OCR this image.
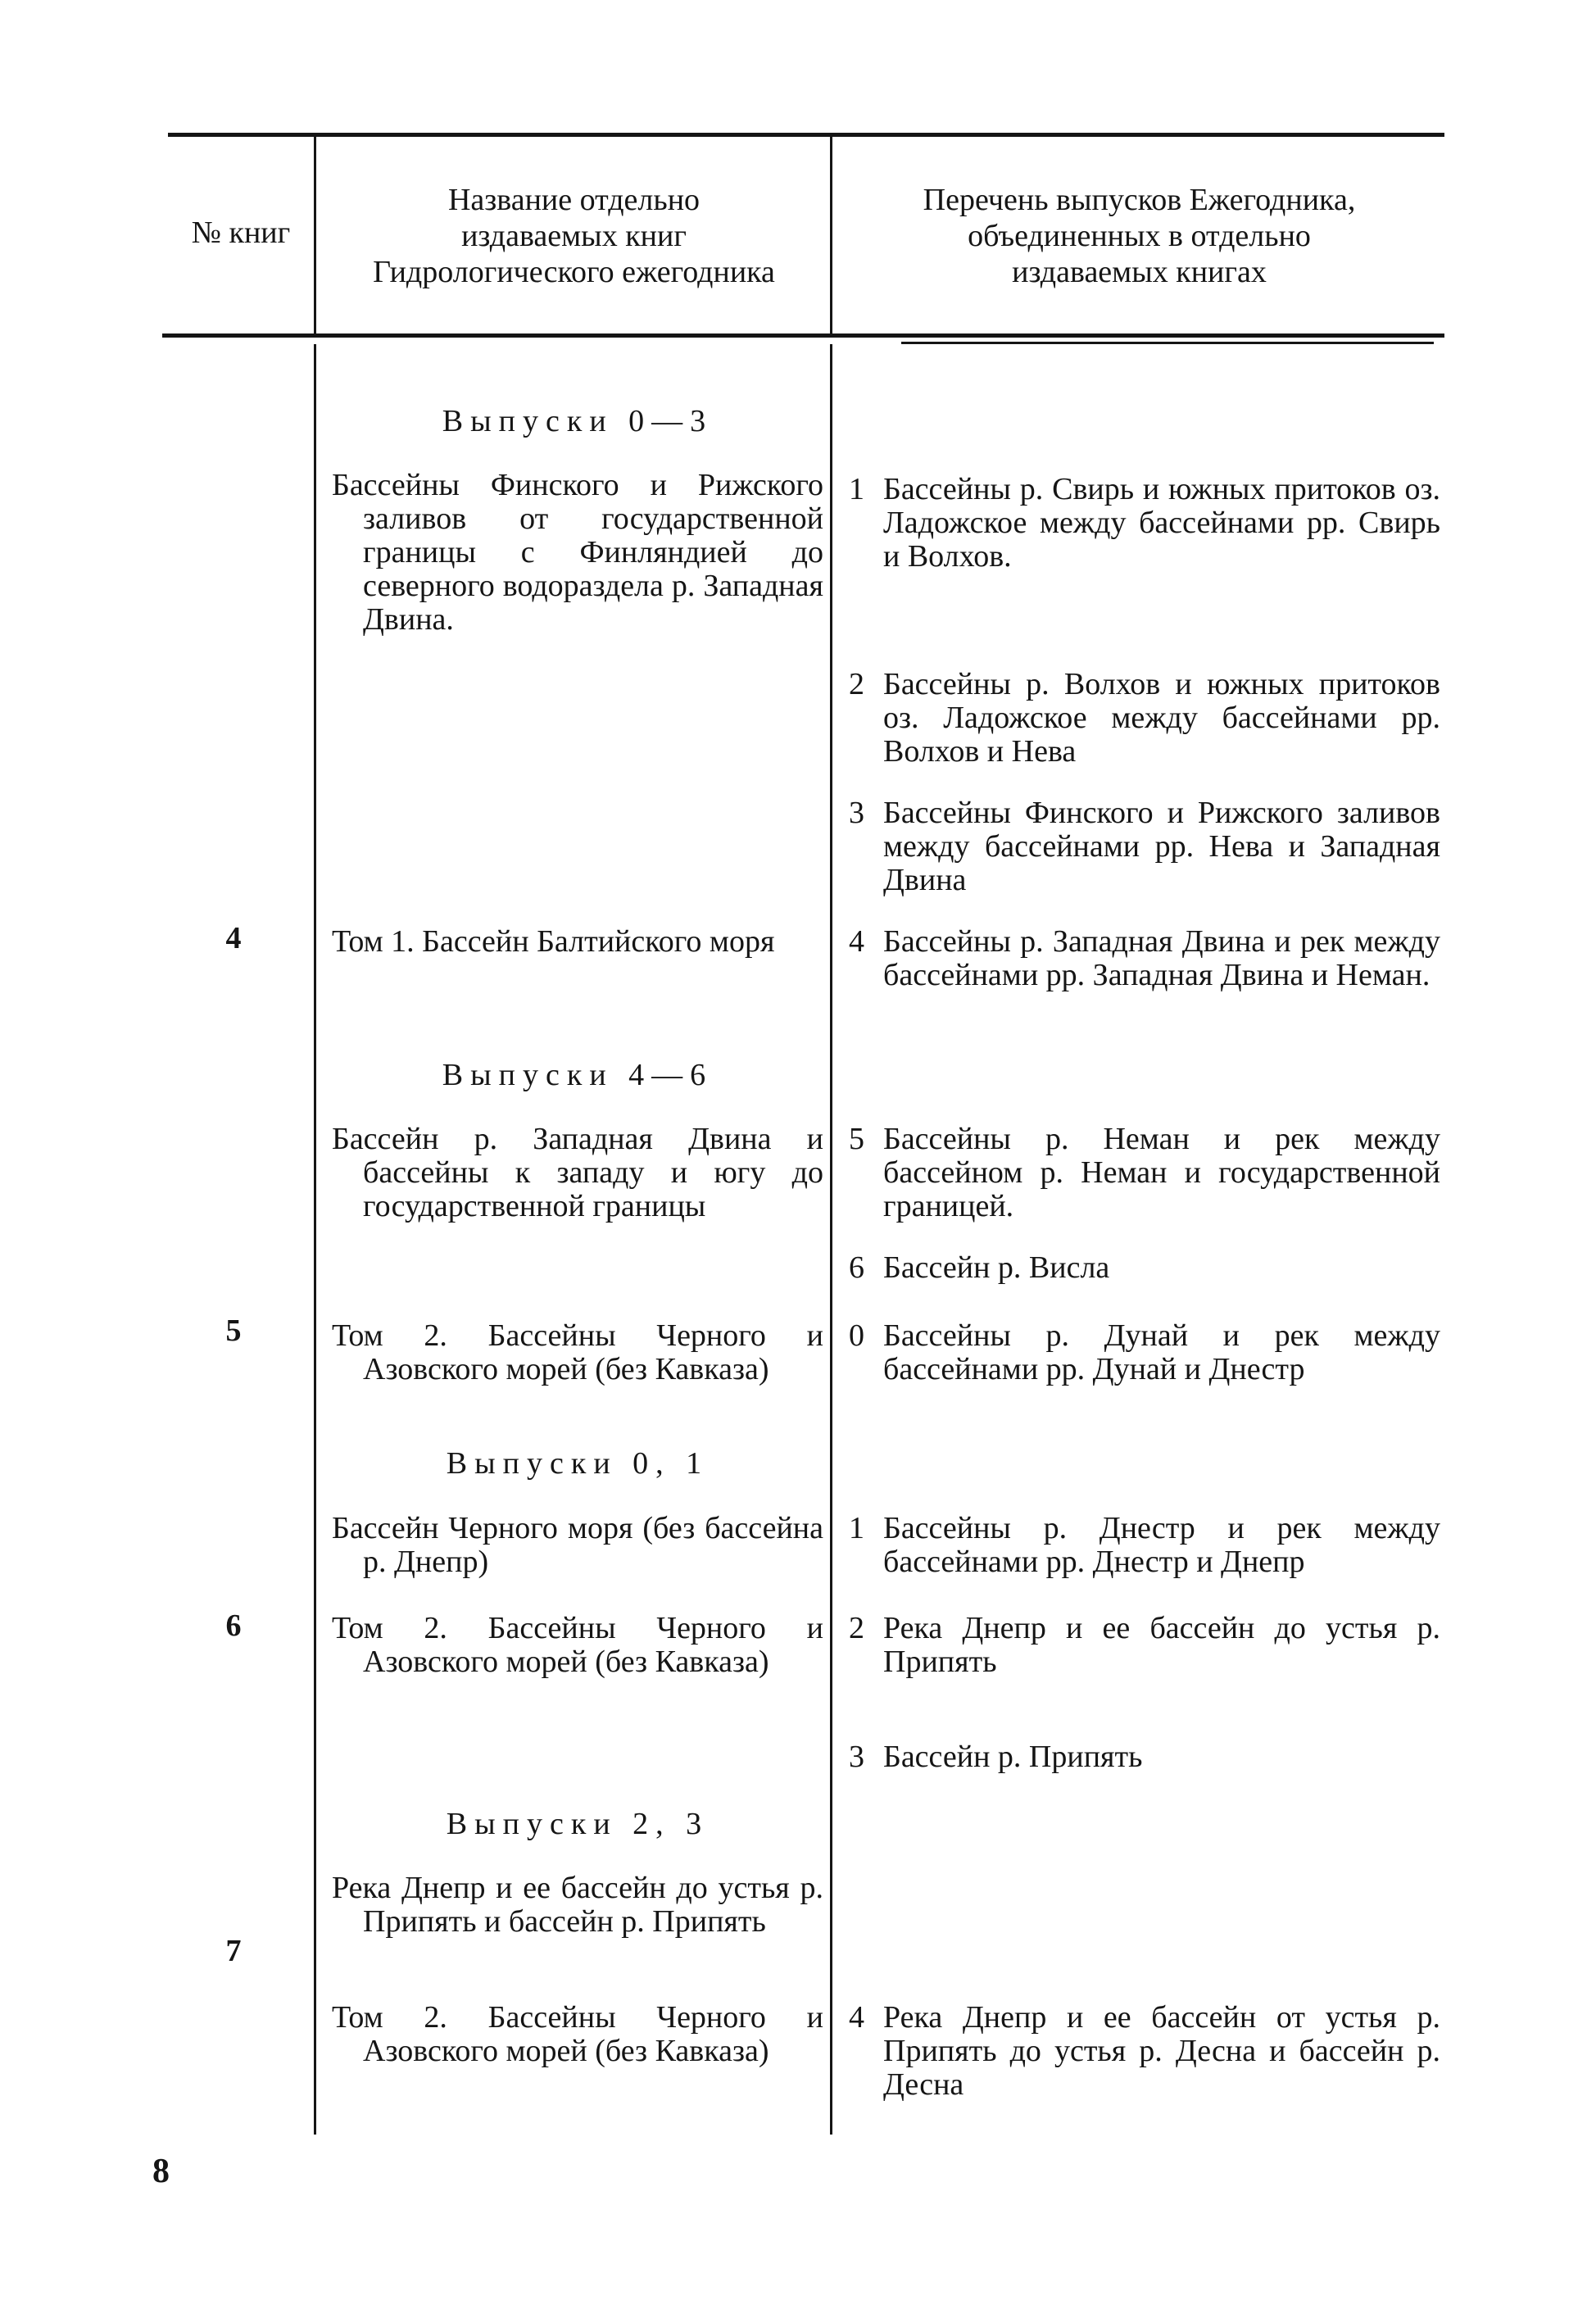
№ книг
Название отдельно
издаваемых книг
Гидрологического ежегодника
Перечень выпусков Ежегодника,
объединенных в отдельно
издаваемых книгах
Выпуски 0—3
Выпуски 4—6
Выпуски 0, 1
Выпуски 2, 3
4
5
6
7
Бассейны Финского и Рижского заливов от государственной границы с Финляндией до северного водораздела р. Западная Двина.
Том 1. Бассейн Балтийского моря
Бассейн р. Западная Двина и бассейны к западу и югу до государственной границы
Том 2. Бассейны Черного и Азовского морей (без Кавказа)
Бассейн Черного моря (без бассейна р. Днепр)
Том 2. Бассейны Черного и Азовского морей (без Кавказа)
Река Днепр и ее бассейн до устья р. Припять и бассейн р. Припять
Том 2. Бассейны Черного и Азовского морей (без Кавказа)
1 Бассейны р. Свирь и южных притоков оз. Ладожское между бассейнами рр. Свирь и Волхов.
2 Бассейны р. Волхов и южных притоков оз. Ладожское между бассейнами рр. Волхов и Нева
3 Бассейны Финского и Рижского заливов между бассейнами рр. Нева и Западная Двина
4 Бассейны р. Западная Двина и рек между бассейнами рр. Западная Двина и Неман.
5 Бассейны р. Неман и рек между бассейном р. Неман и государственной границей.
6 Бассейн р. Висла
0 Бассейны р. Дунай и рек между бассейнами рр. Дунай и Днестр
1 Бассейны р. Днестр и рек между бассейнами рр. Днестр и Днепр
2 Река Днепр и ее бассейн до устья р. Припять
3 Бассейн р. Припять
4 Река Днепр и ее бассейн от устья р. Припять до устья р. Десна и бассейн р. Десна
8
